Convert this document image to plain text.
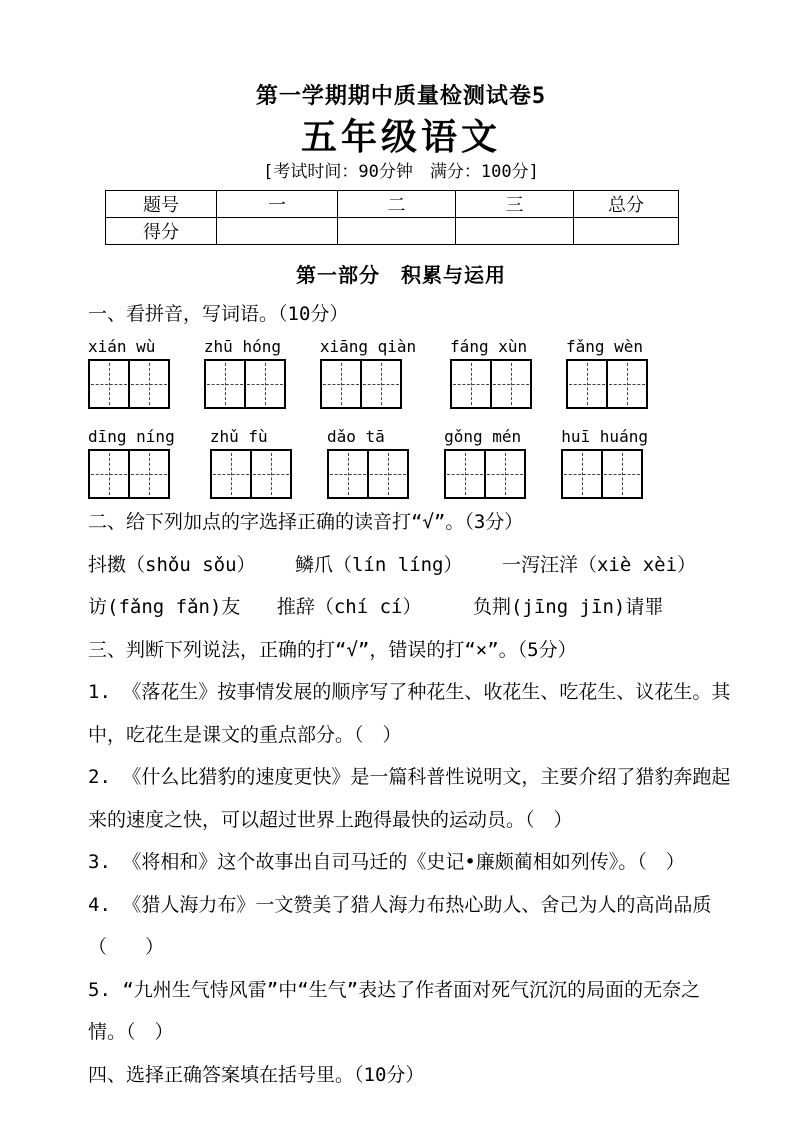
第一学期期中质量检测试卷5
五年级语文
[考试时间：90分钟　满分：100分]
题号	一	二	三	总分
得分				
第一部分　积累与运用
一、看拼音，写词语。（10分）
xián wù	zhū hóng	xiāng qiàn fáng xùn	fǎng wèn
dīng níng zhǔ fù	dǎo tā	gǒng mén	huī huáng
二、给下列加点的字选择正确的读音打“√”。（3分）
抖擞（shǒu sǒu） 鳞爪（lín líng） 一泻汪洋（xiè xèi）
访(fǎng fǎn)友 推辞（chí cí）	负荆(jīng jīn)请罪
三、判断下列说法，正确的打“√”，错误的打“×”。（5分）
1. 《落花生》按事情发展的顺序写了种花生、收花生、吃花生、议花生。其
中，吃花生是课文的重点部分。（　）
2. 《什么比猎豹的速度更快》是一篇科普性说明文，主要介绍了猎豹奔跑起
来的速度之快，可以超过世界上跑得最快的运动员。（　）
3. 《将相和》这个故事出自司马迁的《史记•廉颇蔺相如列传》。（　）
4. 《猎人海力布》一文赞美了猎人海力布热心助人、舍己为人的高尚品质
（　　）
5. “九州生气恃风雷”中“生气”表达了作者面对死气沉沉的局面的无奈之
情。（　）
四、选择正确答案填在括号里。（10分）
